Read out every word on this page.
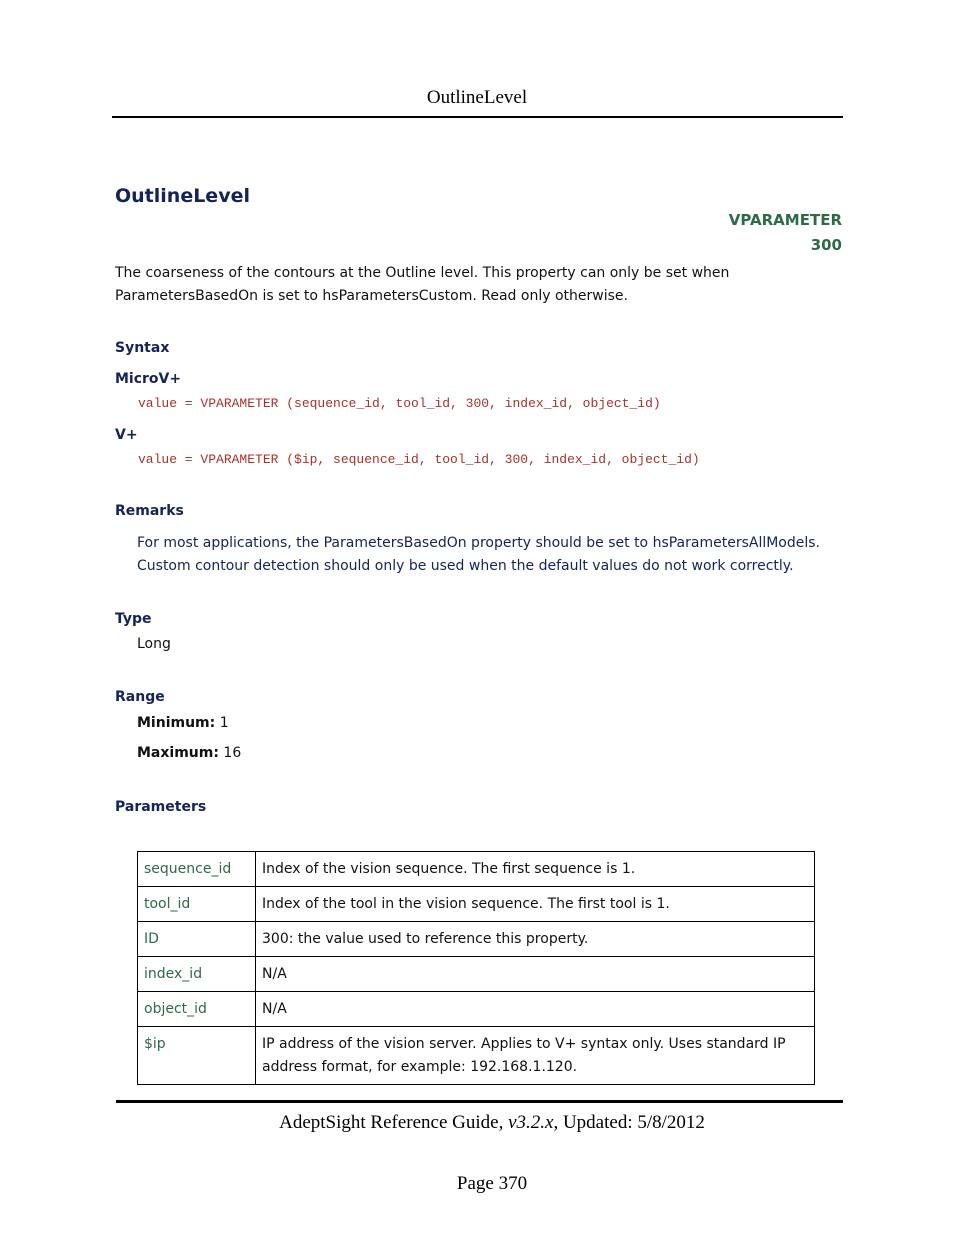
OutlineLevel
OutlineLevel
VPARAMETER
300
The coarseness of the contours at the Outline level. This property can only be set when
ParametersBasedOn is set to hsParametersCustom. Read only otherwise.
Syntax
MicroV+
value = VPARAMETER (sequence_id, tool_id, 300, index_id, object_id)
V+
value = VPARAMETER ($ip, sequence_id, tool_id, 300, index_id, object_id)
Remarks
For most applications, the ParametersBasedOn property should be set to hsParametersAllModels.
Custom contour detection should only be used when the default values do not work correctly.
Type
Long
Range
Minimum: 1
Maximum: 16
Parameters
sequence_id	Index of the vision sequence. The first sequence is 1.
tool_id	Index of the tool in the vision sequence. The first tool is 1.
ID	300: the value used to reference this property.
index_id	N/A
object_id	N/A
$ip	IP address of the vision server. Applies to V+ syntax only. Uses standard IP
address format, for example: 192.168.1.120.
AdeptSight Reference Guide, v3.2.x, Updated: 5/8/2012
Page 370
